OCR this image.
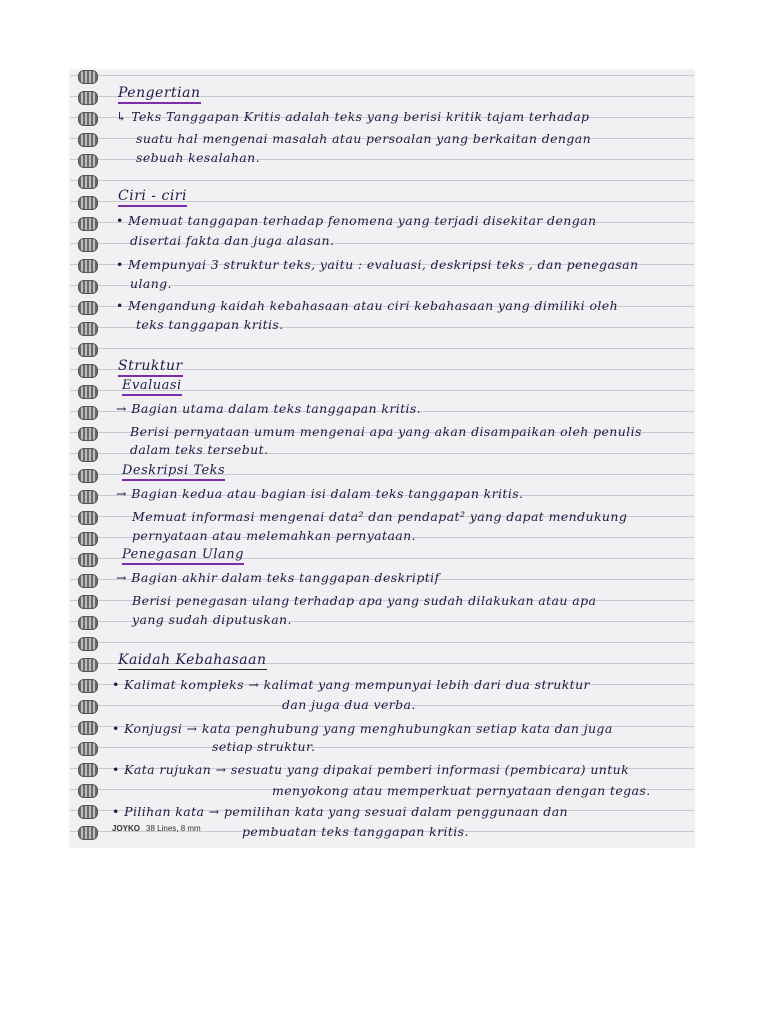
Pengertian
↳ Teks Tanggapan Kritis adalah teks yang berisi kritik tajam terhadap
suatu hal mengenai masalah atau persoalan yang berkaitan dengan
sebuah kesalahan.
Ciri - ciri
• Memuat tanggapan terhadap fenomena yang terjadi disekitar dengan
disertai fakta dan juga alasan.
• Mempunyai 3 struktur teks, yaitu : evaluasi, deskripsi teks , dan penegasan
ulang.
• Mengandung kaidah kebahasaan atau ciri kebahasaan yang dimiliki oleh
teks tanggapan kritis.
Struktur
Evaluasi
→ Bagian utama dalam teks tanggapan kritis.
Berisi pernyataan umum mengenai apa yang akan disampaikan oleh penulis
dalam teks tersebut.
Deskripsi Teks
→ Bagian kedua atau bagian isi dalam teks tanggapan kritis.
Memuat informasi mengenai data² dan pendapat² yang dapat mendukung
pernyataan atau melemahkan pernyataan.
Penegasan Ulang
→ Bagian akhir dalam teks tanggapan deskriptif
Berisi penegasan ulang terhadap apa yang sudah dilakukan atau apa
yang sudah diputuskan.
Kaidah Kebahasaan
• Kalimat kompleks → kalimat yang mempunyai lebih dari dua struktur
dan juga dua verba.
• Konjugsi → kata penghubung yang menghubungkan setiap kata dan juga
setiap struktur.
• Kata rujukan → sesuatu yang dipakai pemberi informasi (pembicara) untuk
menyokong atau memperkuat pernyataan dengan tegas.
• Pilihan kata → pemilihan kata yang sesuai dalam penggunaan dan
pembuatan teks tanggapan kritis.
JOYKO 38 Lines, 8 mm
